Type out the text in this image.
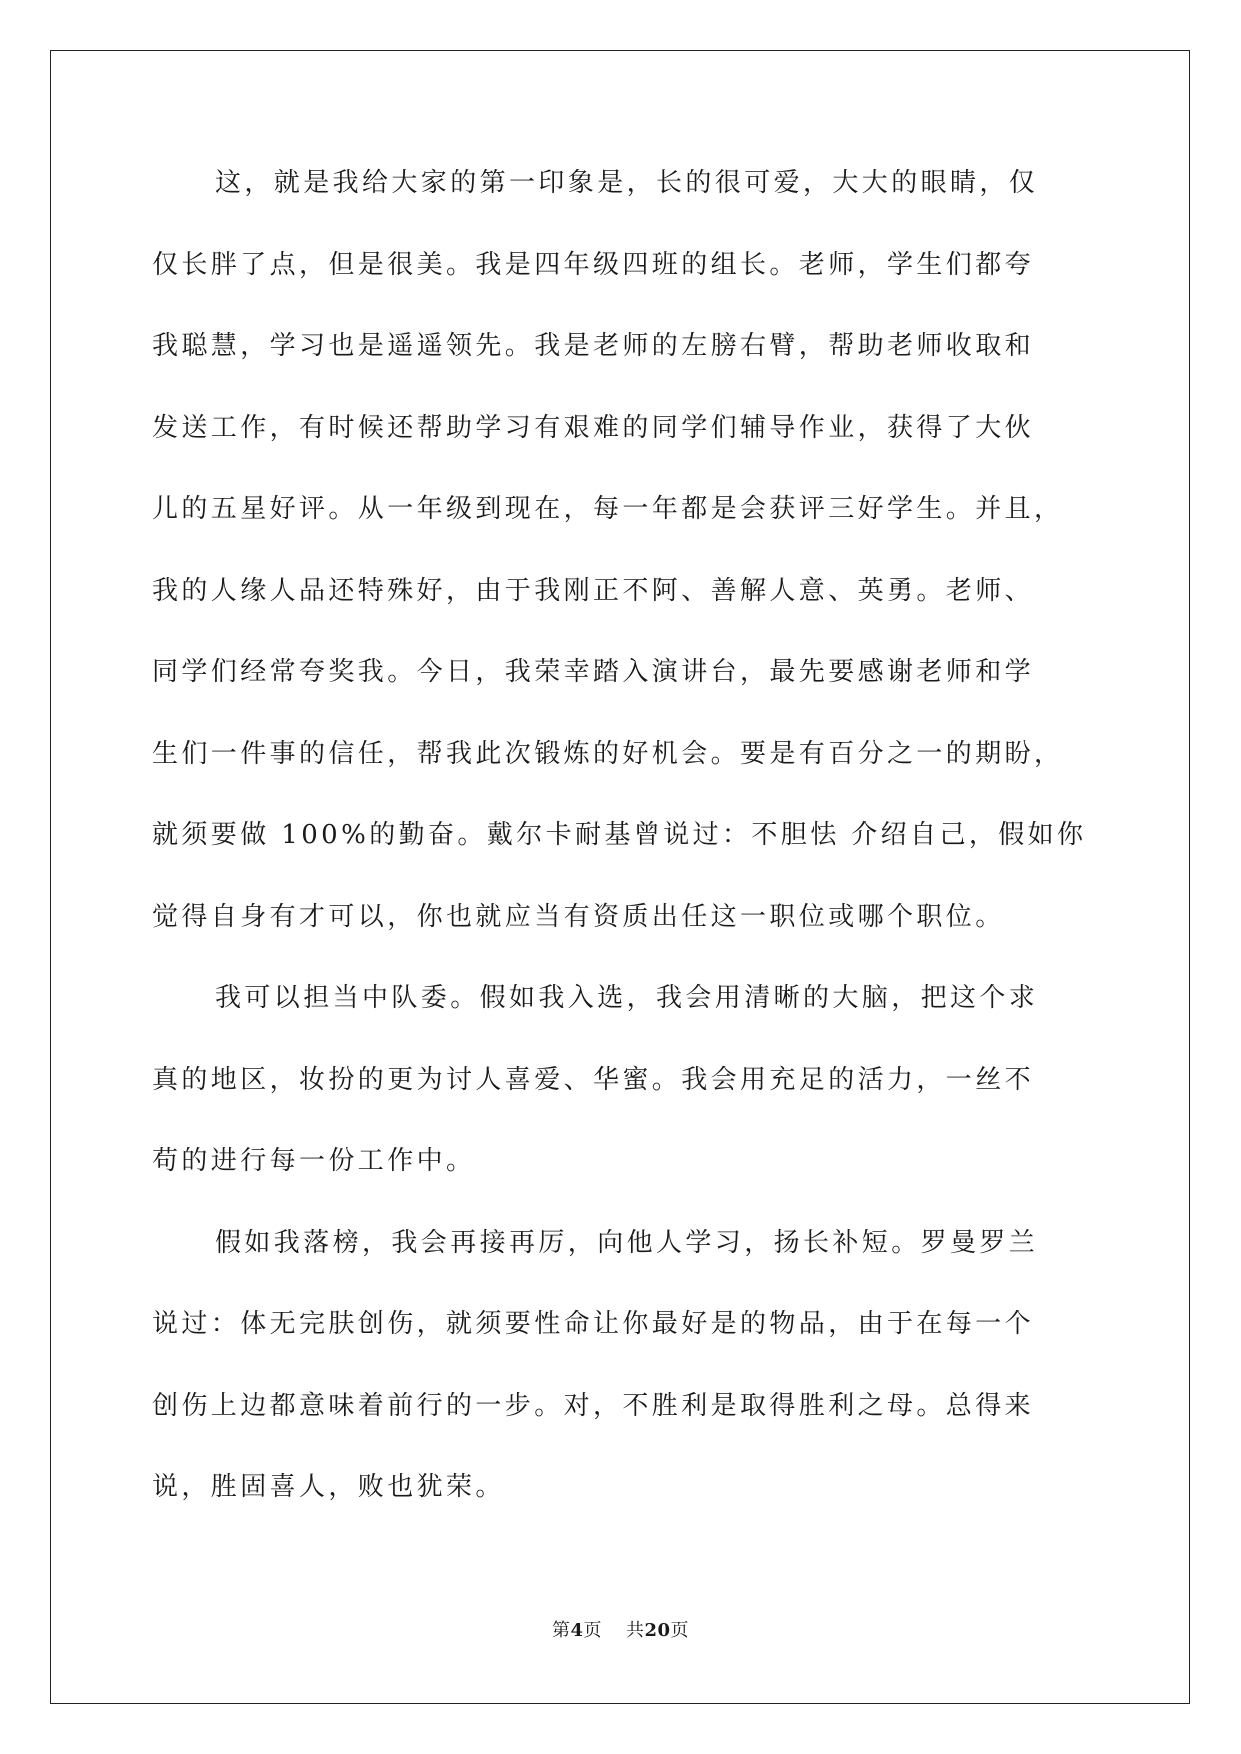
这，就是我给大家的第一印象是，长的很可爱，大大的眼睛，仅
仅长胖了点，但是很美。我是四年级四班的组长。老师，学生们都夸
我聪慧，学习也是遥遥领先。我是老师的左膀右臂，帮助老师收取和
发送工作，有时候还帮助学习有艰难的同学们辅导作业，获得了大伙
儿的五星好评。从一年级到现在，每一年都是会获评三好学生。并且，
我的人缘人品还特殊好，由于我刚正不阿、善解人意、英勇。老师、
同学们经常夸奖我。今日，我荣幸踏入演讲台，最先要感谢老师和学
生们一件事的信任，帮我此次锻炼的好机会。要是有百分之一的期盼，
就须要做 100%的勤奋。戴尔卡耐基曾说过：不胆怯 介绍自己，假如你
觉得自身有才可以，你也就应当有资质出任这一职位或哪个职位。
我可以担当中队委。假如我入选，我会用清晰的大脑，把这个求
真的地区，妆扮的更为讨人喜爱、华蜜。我会用充足的活力，一丝不
苟的进行每一份工作中。
假如我落榜，我会再接再厉，向他人学习，扬长补短。罗曼罗兰
说过：体无完肤创伤，就须要性命让你最好是的物品，由于在每一个
创伤上边都意味着前行的一步。对，不胜利是取得胜利之母。总得来
说，胜固喜人，败也犹荣。
第4页 共20页
